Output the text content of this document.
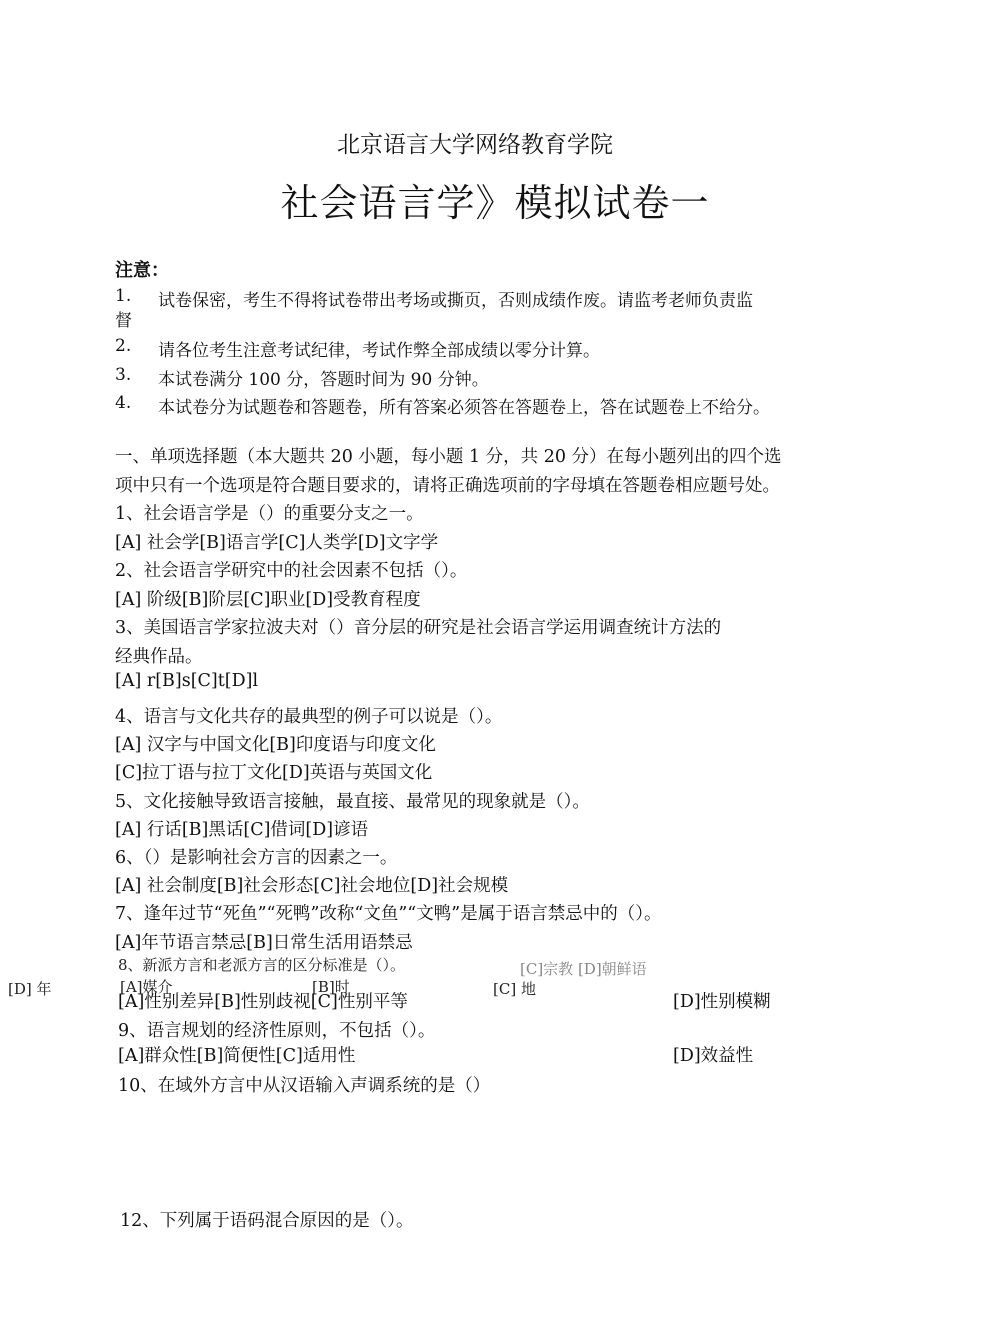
北京语言大学网络教育学院
社会语言学》模拟试卷一
注意：
1. 试卷保密，考生不得将试卷带出考场或撕页，否则成绩作废。请监考老师负责监
督
2. 请各位考生注意考试纪律，考试作弊全部成绩以零分计算。
3. 本试卷满分 100 分，答题时间为 90 分钟。
4. 本试卷分为试题卷和答题卷，所有答案必须答在答题卷上，答在试题卷上不给分。
一、单项选择题（本大题共 20 小题，每小题 1 分，共 20 分）在每小题列出的四个选
项中只有一个选项是符合题目要求的，请将正确选项前的字母填在答题卷相应题号处。
1、社会语言学是（）的重要分支之一。
[A] 社会学[B]语言学[C]人类学[D]文字学
2、社会语言学研究中的社会因素不包括（）。
[A] 阶级[B]阶层[C]职业[D]受教育程度
3、美国语言学家拉波夫对（）音分层的研究是社会语言学运用调查统计方法的
经典作品。
[A] r[B]s[C]t[D]l
4、语言与文化共存的最典型的例子可以说是（）。
[A] 汉字与中国文化[B]印度语与印度文化
[C]拉丁语与拉丁文化[D]英语与英国文化
5、文化接触导致语言接触，最直接、最常见的现象就是（）。
[A] 行话[B]黑话[C]借词[D]谚语
6、（）是影响社会方言的因素之一。
[A] 社会制度[B]社会形态[C]社会地位[D]社会规模
7、逢年过节“死鱼”“死鸭”改称“文鱼”“文鸭”是属于语言禁忌中的（）。
[A]年节语言禁忌[B]日常生活用语禁忌
8、新派方言和老派方言的区分标准是（）。	[C]宗教 [D]朝鲜语
[D] 年	[A]媒介	[B]时	[C] 地
[A]性别差异[B]性别歧视[C]性别平等	[D]性别模糊
9、语言规划的经济性原则，不包括（）。
[A]群众性[B]简便性[C]适用性	[D]效益性
10、在域外方言中从汉语输入声调系统的是（）
12、下列属于语码混合原因的是（）。
